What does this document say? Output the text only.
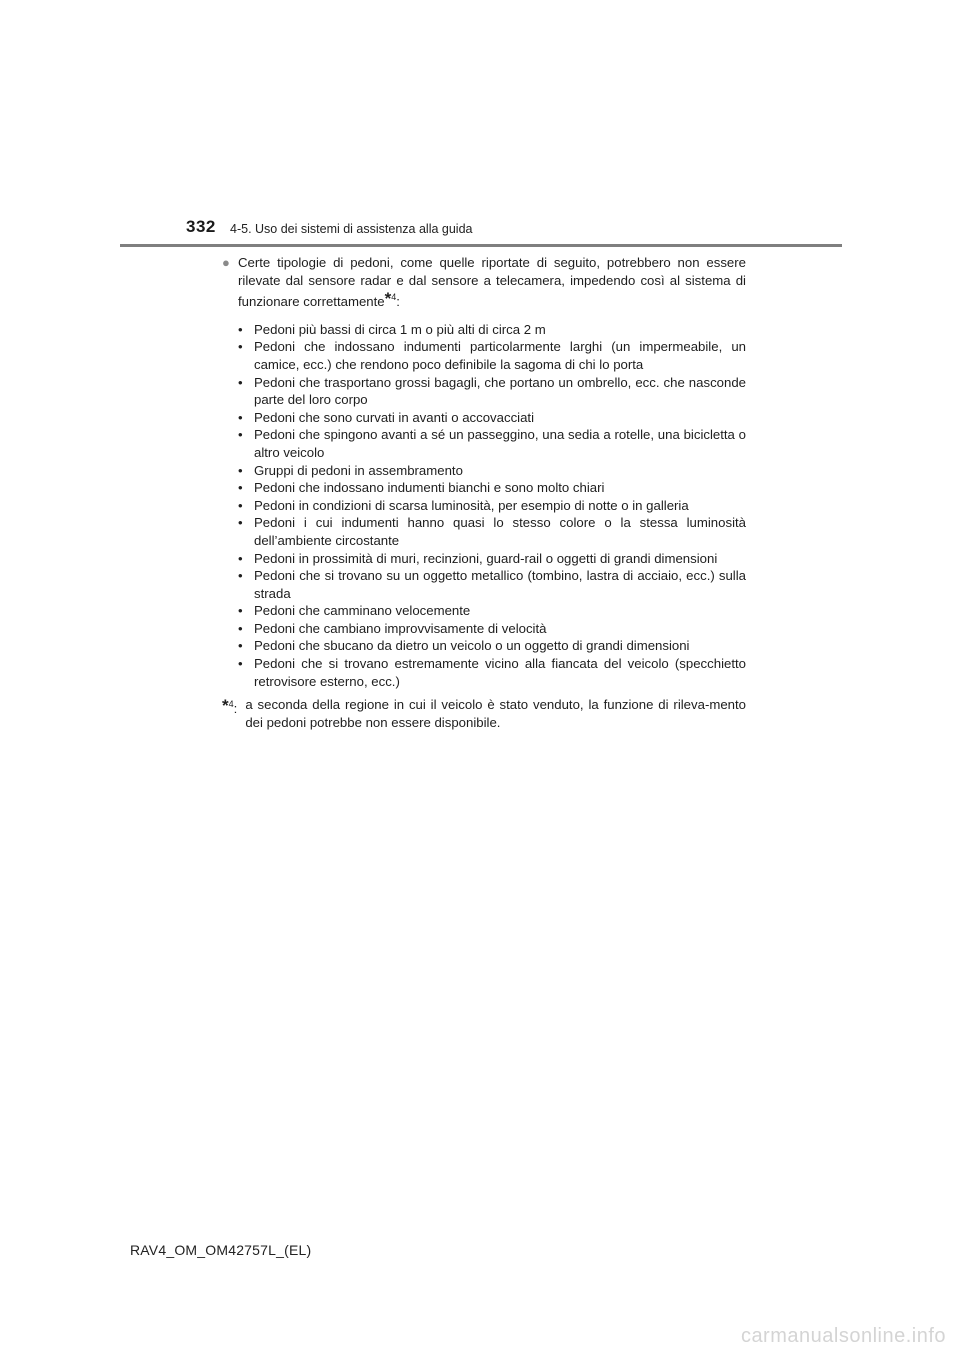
332 4-5. Uso dei sistemi di assistenza alla guida
● Certe tipologie di pedoni, come quelle riportate di seguito, potrebbero non essere rilevate dal sensore radar e dal sensore a telecamera, impedendo così al sistema di funzionare correttamente*$^4$:
• Pedoni più bassi di circa 1 m o più alti di circa 2 m
• Pedoni che indossano indumenti particolarmente larghi (un impermeabile, un camice, ecc.) che rendono poco definibile la sagoma di chi lo porta
• Pedoni che trasportano grossi bagagli, che portano un ombrello, ecc. che nasconde parte del loro corpo
• Pedoni che sono curvati in avanti o accovacciati
• Pedoni che spingono avanti a sé un passeggino, una sedia a rotelle, una bicicletta o altro veicolo
• Gruppi di pedoni in assembramento
• Pedoni che indossano indumenti bianchi e sono molto chiari
• Pedoni in condizioni di scarsa luminosità, per esempio di notte o in galleria
• Pedoni i cui indumenti hanno quasi lo stesso colore o la stessa luminosità dell’ambiente circostante
• Pedoni in prossimità di muri, recinzioni, guard-rail o oggetti di grandi dimensioni
• Pedoni che si trovano su un oggetto metallico (tombino, lastra di acciaio, ecc.) sulla strada
• Pedoni che camminano velocemente
• Pedoni che cambiano improvvisamente di velocità
• Pedoni che sbucano da dietro un veicolo o un oggetto di grandi dimensioni
• Pedoni che si trovano estremamente vicino alla fiancata del veicolo (specchietto retrovisore esterno, ecc.)
*$^4$: a seconda della regione in cui il veicolo è stato venduto, la funzione di rileva-mento dei pedoni potrebbe non essere disponibile.
RAV4_OM_OM42757L_(EL)
carmanualsonline.info
